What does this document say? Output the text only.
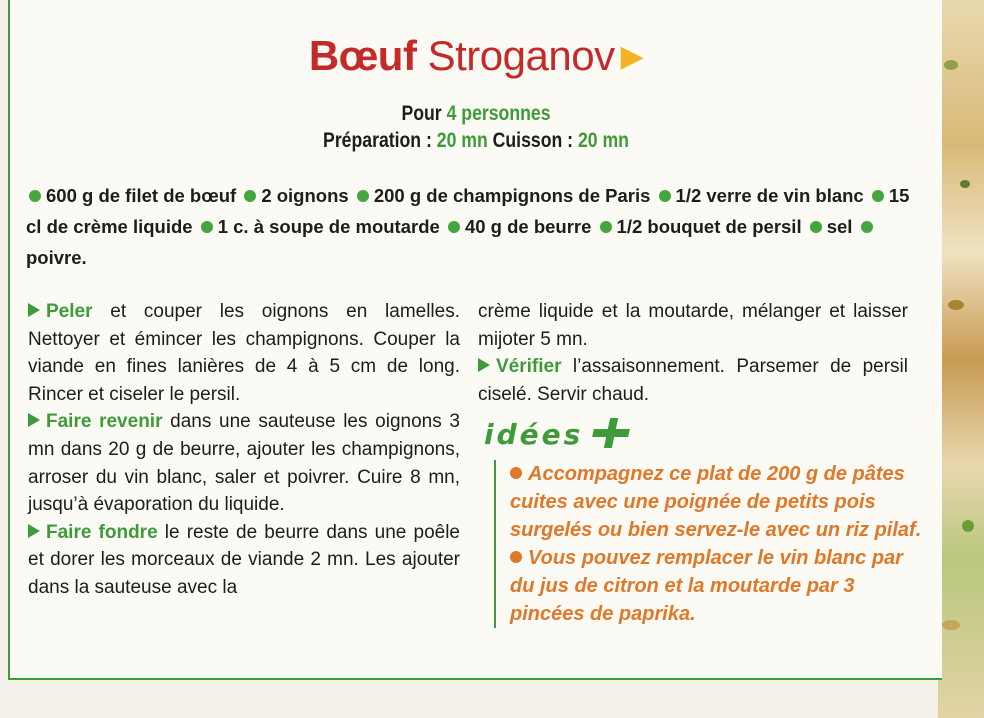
Bœuf Stroganov ▶
Pour 4 personnes
Préparation : 20 mn Cuisson : 20 mn
600 g de filet de bœuf 2 oignons 200 g de champignons de Paris 1/2 verre de vin blanc 15 cl de crème liquide 1 c. à soupe de moutarde 40 g de beurre 1/2 bouquet de persil sel poivre.
Peler et couper les oignons en lamelles. Nettoyer et émincer les champignons. Couper la viande en fines lanières de 4 à 5 cm de long. Rincer et ciseler le persil.
Faire revenir dans une sauteuse les oignons 3 mn dans 20 g de beurre, ajouter les champignons, arroser du vin blanc, saler et poivrer. Cuire 8 mn, jusqu’à évaporation du liquide.
Faire fondre le reste de beurre dans une poêle et dorer les morceaux de viande 2 mn. Les ajouter dans la sauteuse avec la
crème liquide et la moutarde, mélanger et laisser mijoter 5 mn.
Vérifier l’assaisonnement. Parsemer de persil ciselé. Servir chaud.
idées

Accompagnez ce plat de 200 g de pâtes cuites avec une poignée de petits pois surgelés ou bien servez-le avec un riz pilaf.

Vous pouvez remplacer le vin blanc par du jus de citron et la moutarde par 3 pincées de paprika.
